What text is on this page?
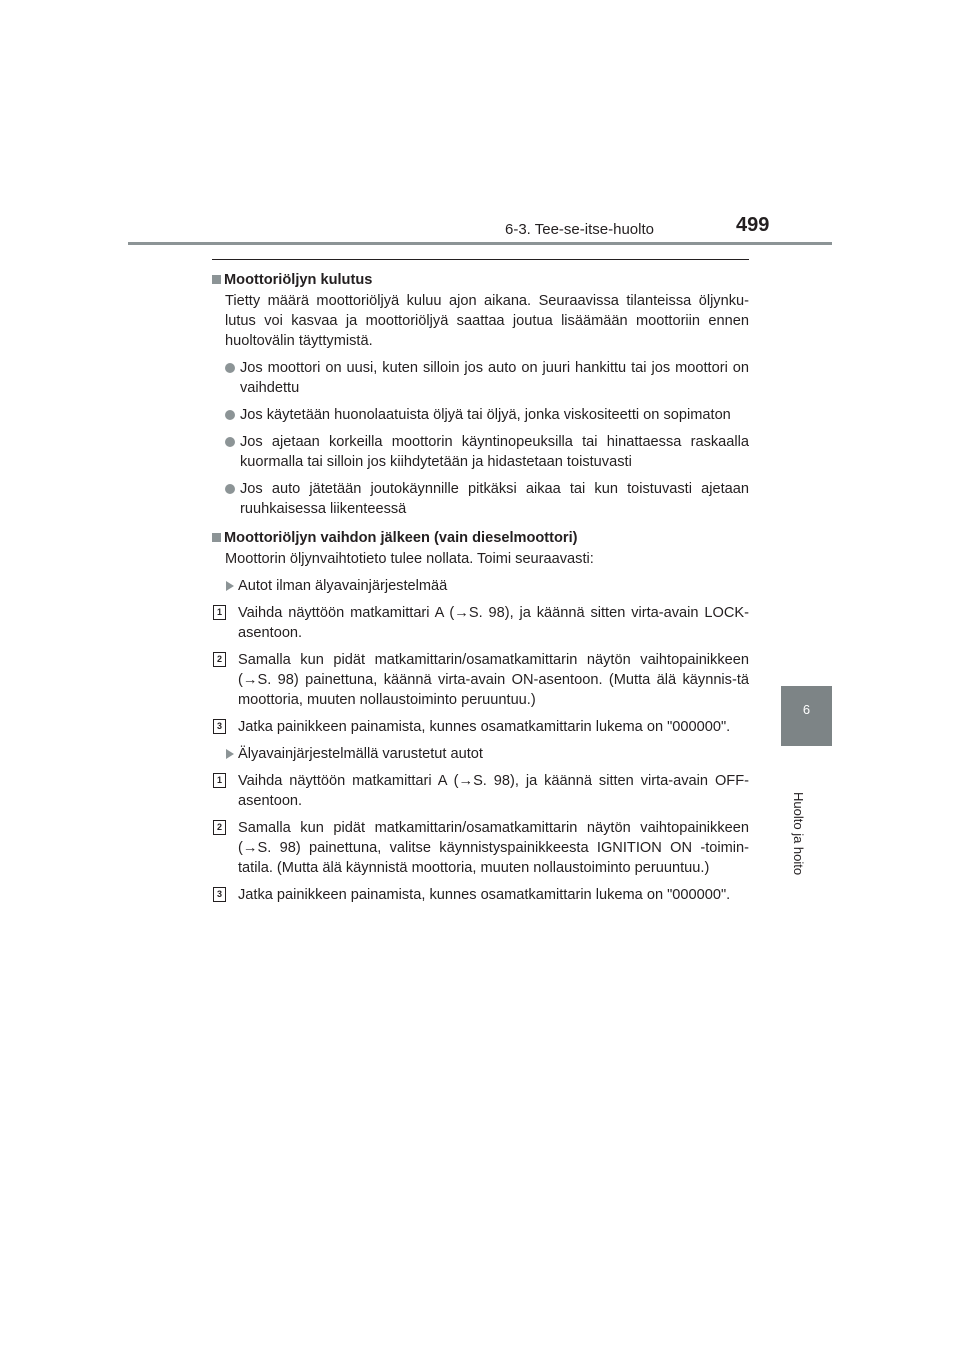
6-3. Tee-se-itse-huolto	499
6
Huolto ja hoito
Moottoriöljyn kulutus

Tietty määrä moottoriöljyä kuluu ajon aikana. Seuraavissa tilanteissa öljynku-lutus voi kasvaa ja moottoriöljyä saattaa joutua lisäämään moottoriin ennen huoltovälin täyttymistä.

Jos moottori on uusi, kuten silloin jos auto on juuri hankittu tai jos moottori on vaihdettu
Jos käytetään huonolaatuista öljyä tai öljyä, jonka viskositeetti on sopimaton
Jos ajetaan korkeilla moottorin käyntinopeuksilla tai hinattaessa raskaalla kuormalla tai silloin jos kiihdytetään ja hidastetaan toistuvasti
Jos auto jätetään joutokäynnille pitkäksi aikaa tai kun toistuvasti ajetaan ruuhkaisessa liikenteessä
Moottoriöljyn vaihdon jälkeen (vain dieselmoottori)

Moottorin öljynvaihtotieto tulee nollata. Toimi seuraavasti:

Autot ilman älyavainjärjestelmää
1 Vaihda näyttöön matkamittari A (→S. 98), ja käännä sitten virta-avain LOCK-asentoon.
2 Samalla kun pidät matkamittarin/osamatkamittarin näytön vaihtopainikkeen (→S. 98) painettuna, käännä virta-avain ON-asentoon. (Mutta älä käynnis-tä moottoria, muuten nollaustoiminto peruuntuu.)
3 Jatka painikkeen painamista, kunnes osamatkamittarin lukema on "000000".
Älyavainjärjestelmällä varustetut autot
1 Vaihda näyttöön matkamittari A (→S. 98), ja käännä sitten virta-avain OFF-asentoon.
2 Samalla kun pidät matkamittarin/osamatkamittarin näytön vaihtopainikkeen (→S. 98) painettuna, valitse käynnistyspainikkeesta IGNITION ON -toimin-tatila. (Mutta älä käynnistä moottoria, muuten nollaustoiminto peruuntuu.)
3 Jatka painikkeen painamista, kunnes osamatkamittarin lukema on "000000".
